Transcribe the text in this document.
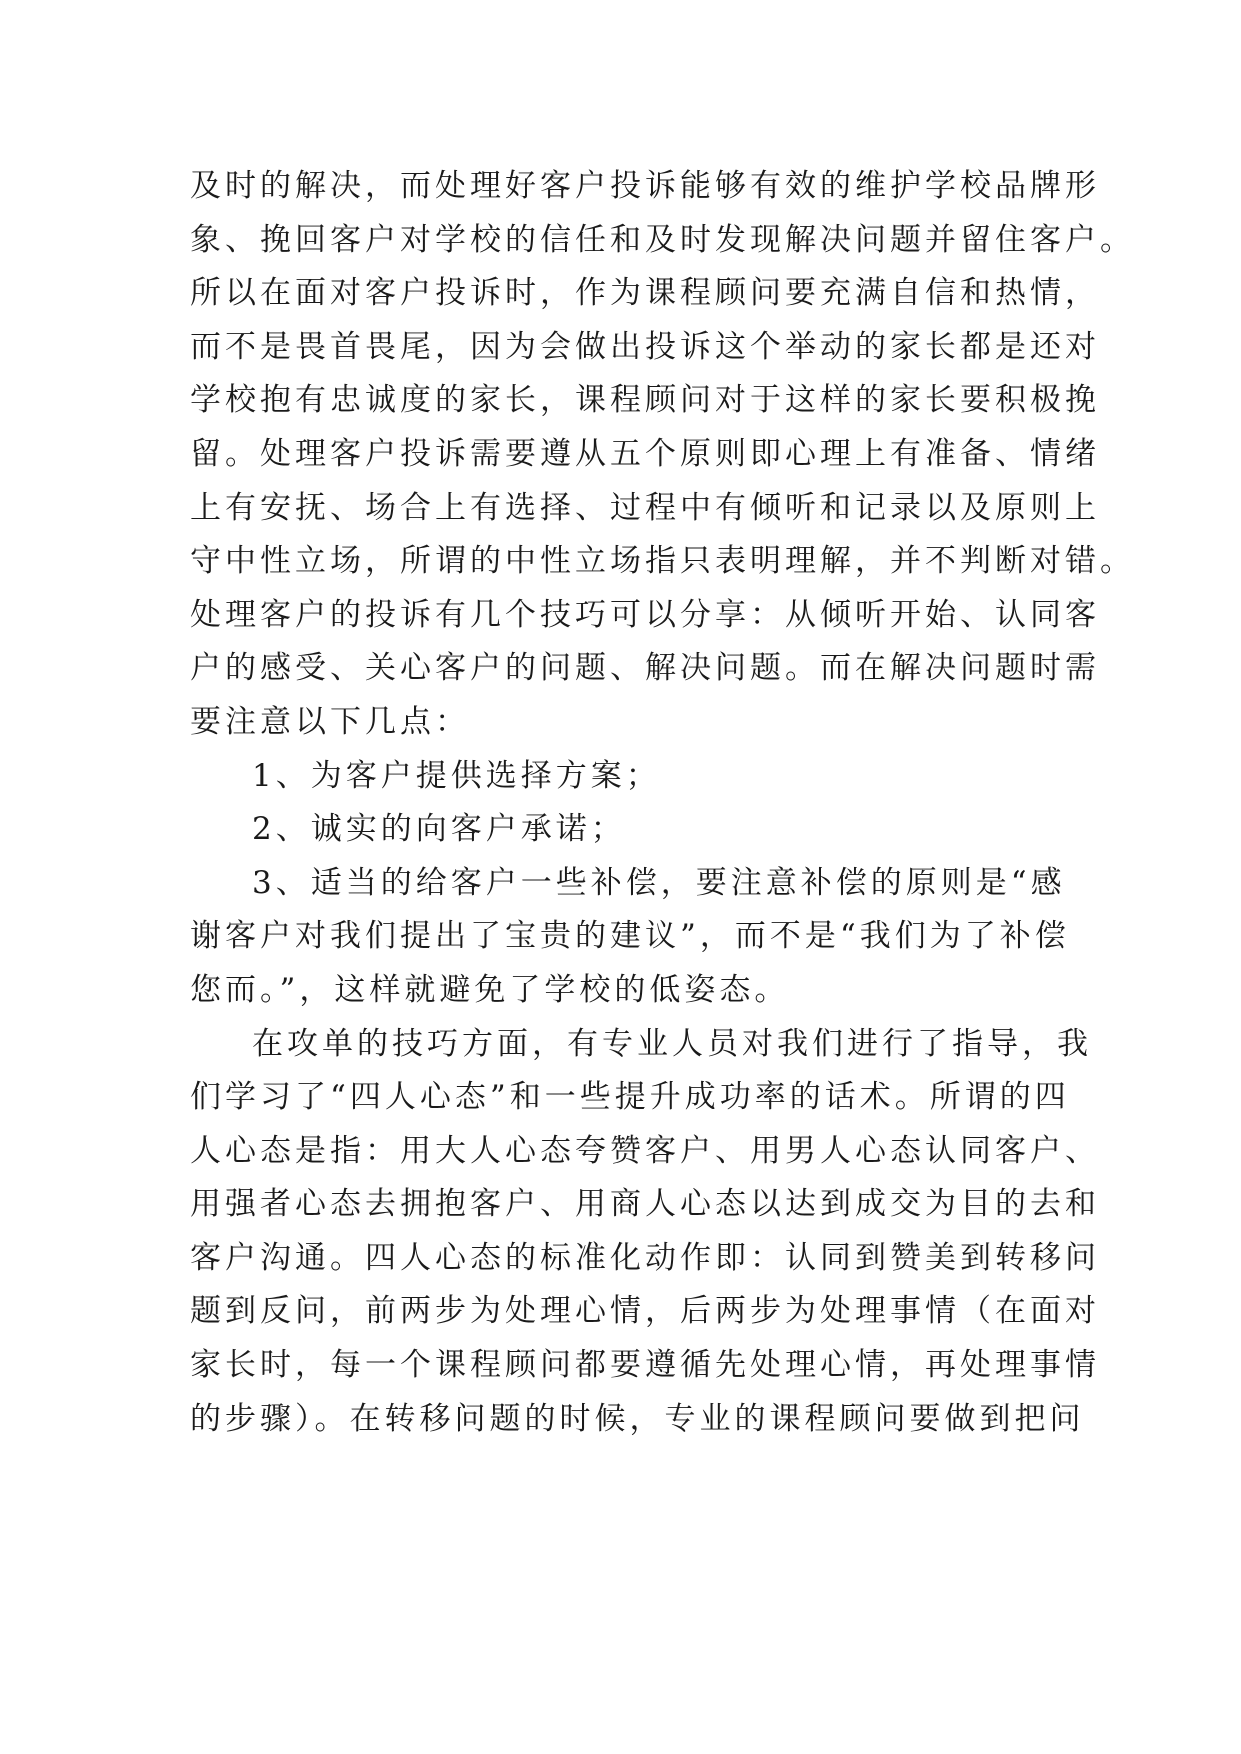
及时的解决，而处理好客户投诉能够有效的维护学校品牌形
象、挽回客户对学校的信任和及时发现解决问题并留住客户。
所以在面对客户投诉时，作为课程顾问要充满自信和热情，
而不是畏首畏尾，因为会做出投诉这个举动的家长都是还对
学校抱有忠诚度的家长，课程顾问对于这样的家长要积极挽
留。处理客户投诉需要遵从五个原则即心理上有准备、情绪
上有安抚、场合上有选择、过程中有倾听和记录以及原则上
守中性立场，所谓的中性立场指只表明理解，并不判断对错。
处理客户的投诉有几个技巧可以分享：从倾听开始、认同客
户的感受、关心客户的问题、解决问题。而在解决问题时需
要注意以下几点：
1、为客户提供选择方案；
2、诚实的向客户承诺；
3、适当的给客户一些补偿，要注意补偿的原则是“感
谢客户对我们提出了宝贵的建议”，而不是“我们为了补偿
您而。”，这样就避免了学校的低姿态。
在攻单的技巧方面，有专业人员对我们进行了指导，我
们学习了“四人心态”和一些提升成功率的话术。所谓的四
人心态是指：用大人心态夸赞客户、用男人心态认同客户、
用强者心态去拥抱客户、用商人心态以达到成交为目的去和
客户沟通。四人心态的标准化动作即：认同到赞美到转移问
题到反问，前两步为处理心情，后两步为处理事情（在面对
家长时，每一个课程顾问都要遵循先处理心情，再处理事情
的步骤）。在转移问题的时候，专业的课程顾问要做到把问
